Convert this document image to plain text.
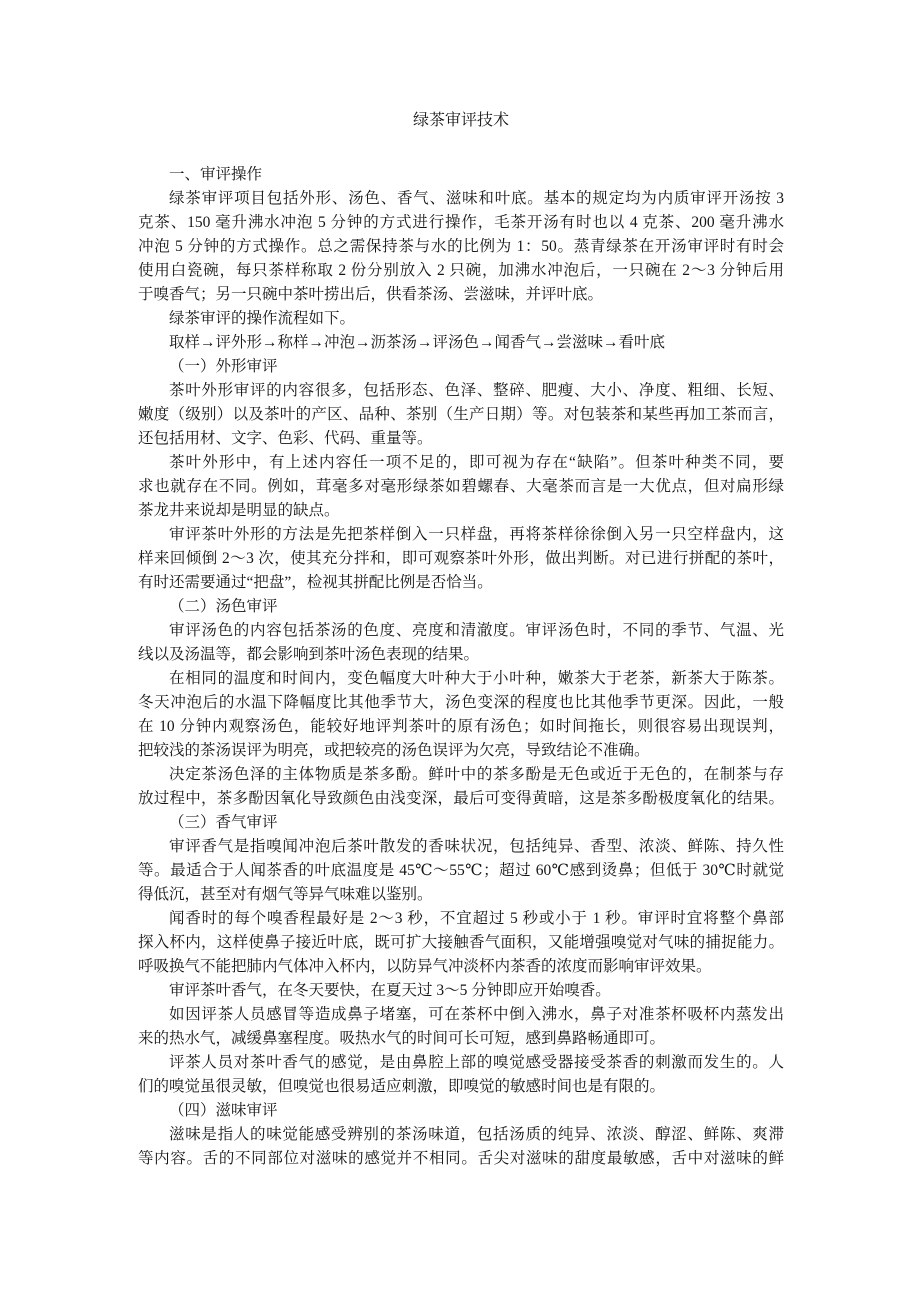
绿茶审评技术
一、审评操作
绿茶审评项目包括外形、汤色、香气、滋味和叶底。基本的规定均为内质审评开汤按 3
克茶、150 毫升沸水冲泡 5 分钟的方式进行操作，毛茶开汤有时也以 4 克茶、200 毫升沸水
冲泡 5 分钟的方式操作。总之需保持茶与水的比例为 1：50。蒸青绿茶在开汤审评时有时会
使用白瓷碗，每只茶样称取 2 份分别放入 2 只碗，加沸水冲泡后，一只碗在 2～3 分钟后用
于嗅香气；另一只碗中茶叶捞出后，供看茶汤、尝滋味，并评叶底。
绿茶审评的操作流程如下。
取样→评外形→称样→冲泡→沥茶汤→评汤色→闻香气→尝滋味→看叶底
（一）外形审评
茶叶外形审评的内容很多，包括形态、色泽、整碎、肥瘦、大小、净度、粗细、长短、
嫩度（级别）以及茶叶的产区、品种、茶别（生产日期）等。对包装茶和某些再加工茶而言，
还包括用材、文字、色彩、代码、重量等。
茶叶外形中，有上述内容任一项不足的，即可视为存在“缺陷”。但茶叶种类不同，要
求也就存在不同。例如，茸毫多对毫形绿茶如碧螺春、大毫茶而言是一大优点，但对扁形绿
茶龙井来说却是明显的缺点。
审评茶叶外形的方法是先把茶样倒入一只样盘，再将茶样徐徐倒入另一只空样盘内，这
样来回倾倒 2～3 次，使其充分拌和，即可观察茶叶外形，做出判断。对已进行拼配的茶叶，
有时还需要通过“把盘”，检视其拼配比例是否恰当。
（二）汤色审评
审评汤色的内容包括茶汤的色度、亮度和清澈度。审评汤色时，不同的季节、气温、光
线以及汤温等，都会影响到茶叶汤色表现的结果。
在相同的温度和时间内，变色幅度大叶种大于小叶种，嫩茶大于老茶，新茶大于陈茶。
冬天冲泡后的水温下降幅度比其他季节大，汤色变深的程度也比其他季节更深。因此，一般
在 10 分钟内观察汤色，能较好地评判茶叶的原有汤色；如时间拖长，则很容易出现误判，
把较浅的茶汤误评为明亮，或把较亮的汤色误评为欠亮，导致结论不准确。
决定茶汤色泽的主体物质是茶多酚。鲜叶中的茶多酚是无色或近于无色的，在制茶与存
放过程中，茶多酚因氧化导致颜色由浅变深，最后可变得黄暗，这是茶多酚极度氧化的结果。
（三）香气审评
审评香气是指嗅闻冲泡后茶叶散发的香味状况，包括纯异、香型、浓淡、鲜陈、持久性
等。最适合于人闻茶香的叶底温度是 45℃～55℃；超过 60℃感到烫鼻；但低于 30℃时就觉
得低沉，甚至对有烟气等异气味难以鉴别。
闻香时的每个嗅香程最好是 2～3 秒，不宜超过 5 秒或小于 1 秒。审评时宜将整个鼻部
探入杯内，这样使鼻子接近叶底，既可扩大接触香气面积，又能增强嗅觉对气味的捕捉能力。
呼吸换气不能把肺内气体冲入杯内，以防异气冲淡杯内茶香的浓度而影响审评效果。
审评茶叶香气，在冬天要快，在夏天过 3～5 分钟即应开始嗅香。
如因评茶人员感冒等造成鼻子堵塞，可在茶杯中倒入沸水，鼻子对准茶杯吸杯内蒸发出
来的热水气，减缓鼻塞程度。吸热水气的时间可长可短，感到鼻路畅通即可。
评茶人员对茶叶香气的感觉，是由鼻腔上部的嗅觉感受器接受茶香的刺激而发生的。人
们的嗅觉虽很灵敏，但嗅觉也很易适应刺激，即嗅觉的敏感时间也是有限的。
（四）滋味审评
滋味是指人的味觉能感受辨别的茶汤味道，包括汤质的纯异、浓淡、醇涩、鲜陈、爽滞
等内容。舌的不同部位对滋味的感觉并不相同。舌尖对滋味的甜度最敏感，舌中对滋味的鲜
